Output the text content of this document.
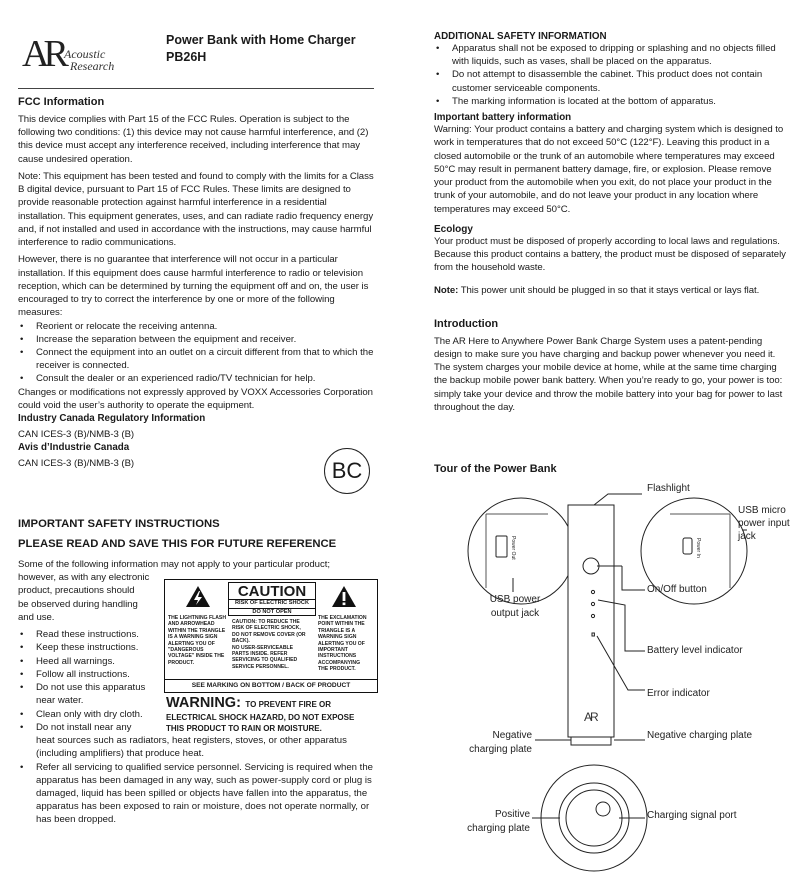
AR Acoustic
Research
Power Bank with Home Charger
PB26H

FCC Information

This device complies with Part 15 of the FCC Rules. Operation is subject to the following two conditions: (1) this device may not cause harmful interference, and (2) this device must accept any interference received, including interference that may cause undesired operation.

Note: This equipment has been tested and found to comply with the limits for a Class B digital device, pursuant to Part 15 of FCC Rules. These limits are designed to provide reasonable protection against harmful interference in a residential installation. This equipment generates, uses, and can radiate radio frequency energy and, if not installed and used in accordance with the instructions, may cause harmful interference to radio communications.

However, there is no guarantee that interference will not occur in a particular installation. If this equipment does cause harmful interference to radio or television reception, which can be determined by turning the equipment off and on, the user is encouraged to try to correct the interference by one or more of the following measures:

• Reorient or relocate the receiving antenna.
• Increase the separation between the equipment and receiver.
• Connect the equipment into an outlet on a circuit different from that to which the receiver is connected.
• Consult the dealer or an experienced radio/TV technician for help.

Changes or modifications not expressly approved by VOXX Accessories Corporation could void the user’s authority to operate the equipment.

Industry Canada Regulatory Information

CAN ICES-3 (B)/NMB-3 (B)

Avis d’Industrie Canada

CAN ICES-3 (B)/NMB-3 (B)	BC

IMPORTANT SAFETY INSTRUCTIONS

PLEASE READ AND SAVE THIS FOR FUTURE REFERENCE

Some of the following information may not apply to your particular product;

however, as with any electronic

product, precautions should

be observed during handling

and use.

• Read these instructions.
• Keep these instructions.
• Heed all warnings.
• Follow all instructions.
• Do not use this apparatus
near water.
• Clean only with dry cloth.
• Do not install near any
heat sources such as radiators, heat registers, stoves, or other apparatus (including amplifiers) that produce heat.
• Refer all servicing to qualified service personnel. Servicing is required when the apparatus has been damaged in any way, such as power-supply cord or plug is damaged, liquid has been spilled or objects have fallen into the apparatus, the apparatus has been exposed to rain or moisture, does not operate normally, or has been dropped.
CAUTION
RISK OF ELECTRIC SHOCK
DO NOT OPEN
THE LIGHTNING FLASH
AND ARROWHEAD
WITHIN THE TRIANGLE
IS A WARNING SIGN
ALERTING YOU OF
"DANGEROUS
VOLTAGE" INSIDE THE
PRODUCT.
CAUTION: TO REDUCE THE
RISK OF ELECTRIC SHOCK,
DO NOT REMOVE COVER (OR
BACK).
NO USER-SERVICEABLE
PARTS INSIDE. REFER
SERVICING TO QUALIFIED
SERVICE PERSONNEL.
THE EXCLAMATION
POINT WITHIN THE
TRIANGLE IS A
WARNING SIGN
ALERTING YOU OF
IMPORTANT
INSTRUCTIONS
ACCOMPANYING
THE PRODUCT.
SEE MARKING ON BOTTOM / BACK OF PRODUCT
WARNING: TO PREVENT FIRE OR
ELECTRICAL SHOCK HAZARD, DO NOT EXPOSE
THIS PRODUCT TO RAIN OR MOISTURE.

ADDITIONAL SAFETY INFORMATION

• Apparatus shall not be exposed to dripping or splashing and no objects filled with liquids, such as vases, shall be placed on the apparatus.
• Do not attempt to disassemble the cabinet. This product does not contain customer serviceable components.
• The marking information is located at the bottom of apparatus.

Important battery information

Warning: Your product contains a battery and charging system which is designed to work in temperatures that do not exceed 50°C (122°F). Leaving this product in a closed automobile or the trunk of an automobile where temperatures may exceed 50°C may result in permanent battery damage, fire, or explosion. Please remove your product from the automobile when you exit, do not place your product in the trunk of your automobile, and do not leave your product in any location where temperatures may exceed 50°C.

Ecology

Your product must be disposed of properly according to local laws and regulations. Because this product contains a battery, the product must be disposed of separately from the household waste.

Note: This power unit should be plugged in so that it stays vertical or lays flat.

Introduction

The AR Here to Anywhere Power Bank Charge System uses a patent-pending design to make sure you have charging and backup power whenever you need it. The system charges your mobile device at home, while at the same time charging the backup mobile power bank battery. When you’re ready to go, your power is too: simply take your device and throw the mobile battery into your bag for power to last throughout the day.

Tour of the Power Bank

Power Out	Power In
AR
Flashlight
USB micro
power input
jack
USB power
output jack
On/Off button
Battery level indicator
Error indicator
Negative
charging plate
Negative charging plate
Positive
charging plate
Charging signal port
